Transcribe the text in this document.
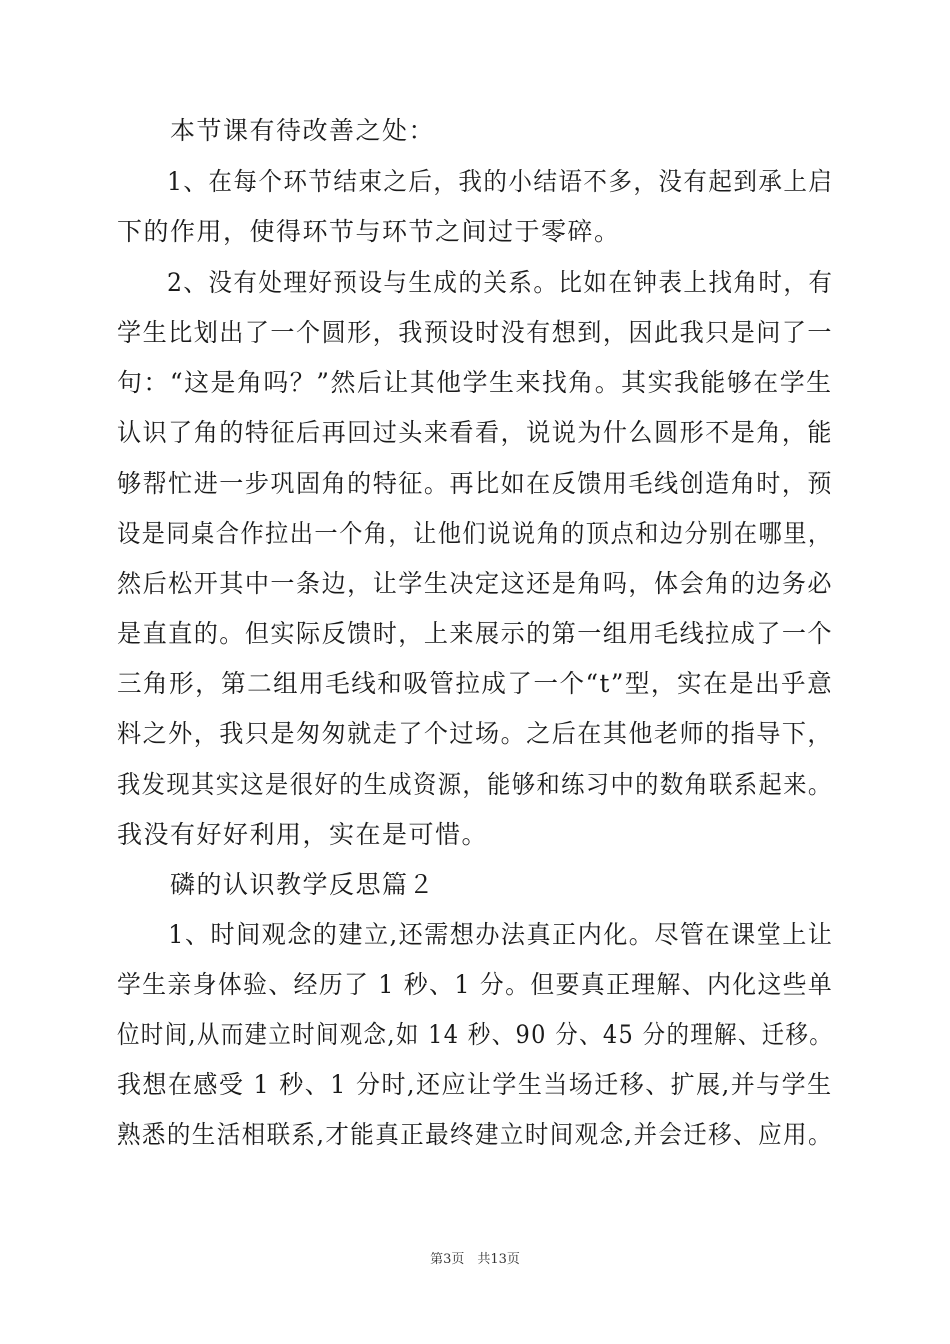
　　本节课有待改善之处：
　　1、在每个环节结束之后，我的小结语不多，没有起到承上启
下的作用，使得环节与环节之间过于零碎。
　　2、没有处理好预设与生成的关系。比如在钟表上找角时，有
学生比划出了一个圆形，我预设时没有想到，因此我只是问了一
句：“这是角吗？”然后让其他学生来找角。其实我能够在学生
认识了角的特征后再回过头来看看，说说为什么圆形不是角，能
够帮忙进一步巩固角的特征。再比如在反馈用毛线创造角时，预
设是同桌合作拉出一个角，让他们说说角的顶点和边分别在哪里，
然后松开其中一条边，让学生决定这还是角吗，体会角的边务必
是直直的。但实际反馈时，上来展示的第一组用毛线拉成了一个
三角形，第二组用毛线和吸管拉成了一个“t”型，实在是出乎意
料之外，我只是匆匆就走了个过场。之后在其他老师的指导下，
我发现其实这是很好的生成资源，能够和练习中的数角联系起来。
我没有好好利用，实在是可惜。
　　磷的认识教学反思篇２
　　1、时间观念的建立,还需想办法真正内化。尽管在课堂上让
学生亲身体验、经历了 1 秒、1 分。但要真正理解、内化这些单
位时间,从而建立时间观念,如 14 秒、90 分、45 分的理解、迁移。
我想在感受 1 秒、1 分时,还应让学生当场迁移、扩展,并与学生
熟悉的生活相联系,才能真正最终建立时间观念,并会迁移、应用。
第3页　共13页
